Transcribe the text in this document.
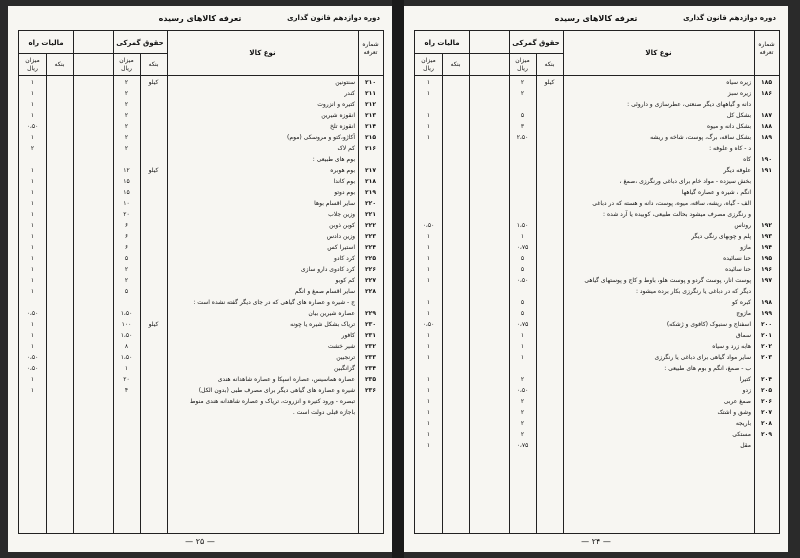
تعرفه کالاهای رسیده	دوره دوازدهم قانون گذاری
مالیات راه
بنکه
میزان ریال
حقوق گمرکی
بنکه
میزان ریال
نوع کالا
شماره تعرفه
۲۱۰
سنتونین
کیلو
۲
۱
۲۱۱
کندر
۲
۱
۲۱۲
کتیره و انزروت
۲
۱
۲۱۳
انقوزه شیرین
۲
۱
۲۱۴
انقوزه تلخ
۲
۰،۵۰
۲۱۵
آکاژو،کتو و مروسکی (موم)
۲
۱
۲۱۶
کم لاک
۲
۲
بوم های طبیعی :
۲۱۷
بوم هوبره
کیلو
۱۲
۱
۲۱۸
بوم کاندا
۱۵
۱
۲۱۹
بوم دوتو
۱۵
۱
۲۲۰
سایر اقسام بوها
۱۰
۱
۲۲۱
وزین جلاب
۲۰
۱
۲۲۲
کوبن ذوبن
۶
۱
۲۲۳
وزین دادس
۶
۱
۲۲۴
استیرا کس
۶
۱
۲۲۵
کرد کادو
۵
۱
۲۲۶
کرد کادوی دارو سازی
۲
۱
۲۲۷
کم کوبو
۲
۱
۲۲۸
سایر اقسام صمغ و انگم
۵
۱
ج - شیره و عصاره های گیاهی که در جای دیگر گفته نشده است :
۲۲۹
عصاره شیرین بیان
۱،۵۰
۰،۵۰
۲۳۰
تریاک بشکل شیره یا چونه
کیلو
۱۰۰
۱
۲۳۱
کافور
۱،۵۰
۱
۲۳۲
شیر خشت
۸
۱
۲۳۳
ترنجبین
۱،۵۰
۰،۵۰
۲۳۴
گزانگبین
۱
۰،۵۰
۲۳۵
عصاره هماسیس، عصاره اسپکا و عصاره شاهدانه هندی
۲۰
۱
۲۳۶
شیره و عصاره های گیاهی دیگر برای مصرف طبی (بدون الکل)
۴
۱
تبصره - ورود کتیره و انزروت، تریاک و عصاره شاهدانه هندی منوط
باجازه قبلی دولت است .
— ۲۵ —
تعرفه کالاهای رسیده	دوره دوازدهم قانون گذاری
مالیات راه
بنکه
میزان ریال
حقوق گمرکی
بنکه
میزان ریال
نوع کالا
شماره تعرفه
۱۸۵
زیره سیاه
کیلو
۲
۱
۱۸۶
زیره سبز
۲
۱
دانه و گیاههای دیگر صنعتی، عطرسازی و داروئی :
۱۸۷
بشکل کل
۵
۱
۱۸۸
بشکل دانه و میوه
۳
۱
۱۸۹
بشکل ساقه، برگ، پوست، شاخه و ریشه
۲،۵۰
۱
د - کاه و علوفه :
۱۹۰
کاه
۱۹۱
علوفه دیگر
بخش سیزده - مواد خام برای دباغی ورنگرزی ،صمغ ،
انگم ، شیره و عصاره گیاهها
الف - گیاه، ریشه، ساقه، میوه، پوست، دانه و هسته که در دباغی
و رنگرزی مصرف میشود بحالت طبیعی، کوبیده یا آرد شده :
۱۹۲
روناس
۱،۵۰
۰،۵۰
۱۹۳
پلم و چوبهای رنگی دیگر
۱
۱
۱۹۴
مازو
۰،۷۵
۱
۱۹۵
حنا نسائیده
۵
۱
۱۹۶
حنا سائیده
۵
۱
۱۹۷
پوست انار، پوست گردو و پوست هلو، باوط و کاج و پوستهای گیاهی
۰،۵۰
۱
دیگر که در دباغی یا رنگرزی بکار برده میشود :
۱۹۸
کبره کو
۵
۱
۱۹۹
مازوج
۵
۱
۲۰۰
اسفناج و سنبوک (کافوی و ژشکه)
۰،۷۵
۰،۵۰
۲۰۱
سماق
۱
۱
۲۰۲
هابه زرد و سیاه
۱
۱
۲۰۳
سایر مواد گیاهی برای دباغی یا رنگرزی
۱
۱
ب - صمغ، انگم و بوم های طبیعی :
۲۰۴
کتیرا
۲
۱
۲۰۵
زدو
۰،۵۰
۱
۲۰۶
صمغ عربی
۲
۱
۲۰۷
وشق و اشتک
۲
۱
۲۰۸
باریجه
۲
۱
۲۰۹
مستکی
۲
۱
مقل
۰،۷۵
۱
— ۲۴ —
